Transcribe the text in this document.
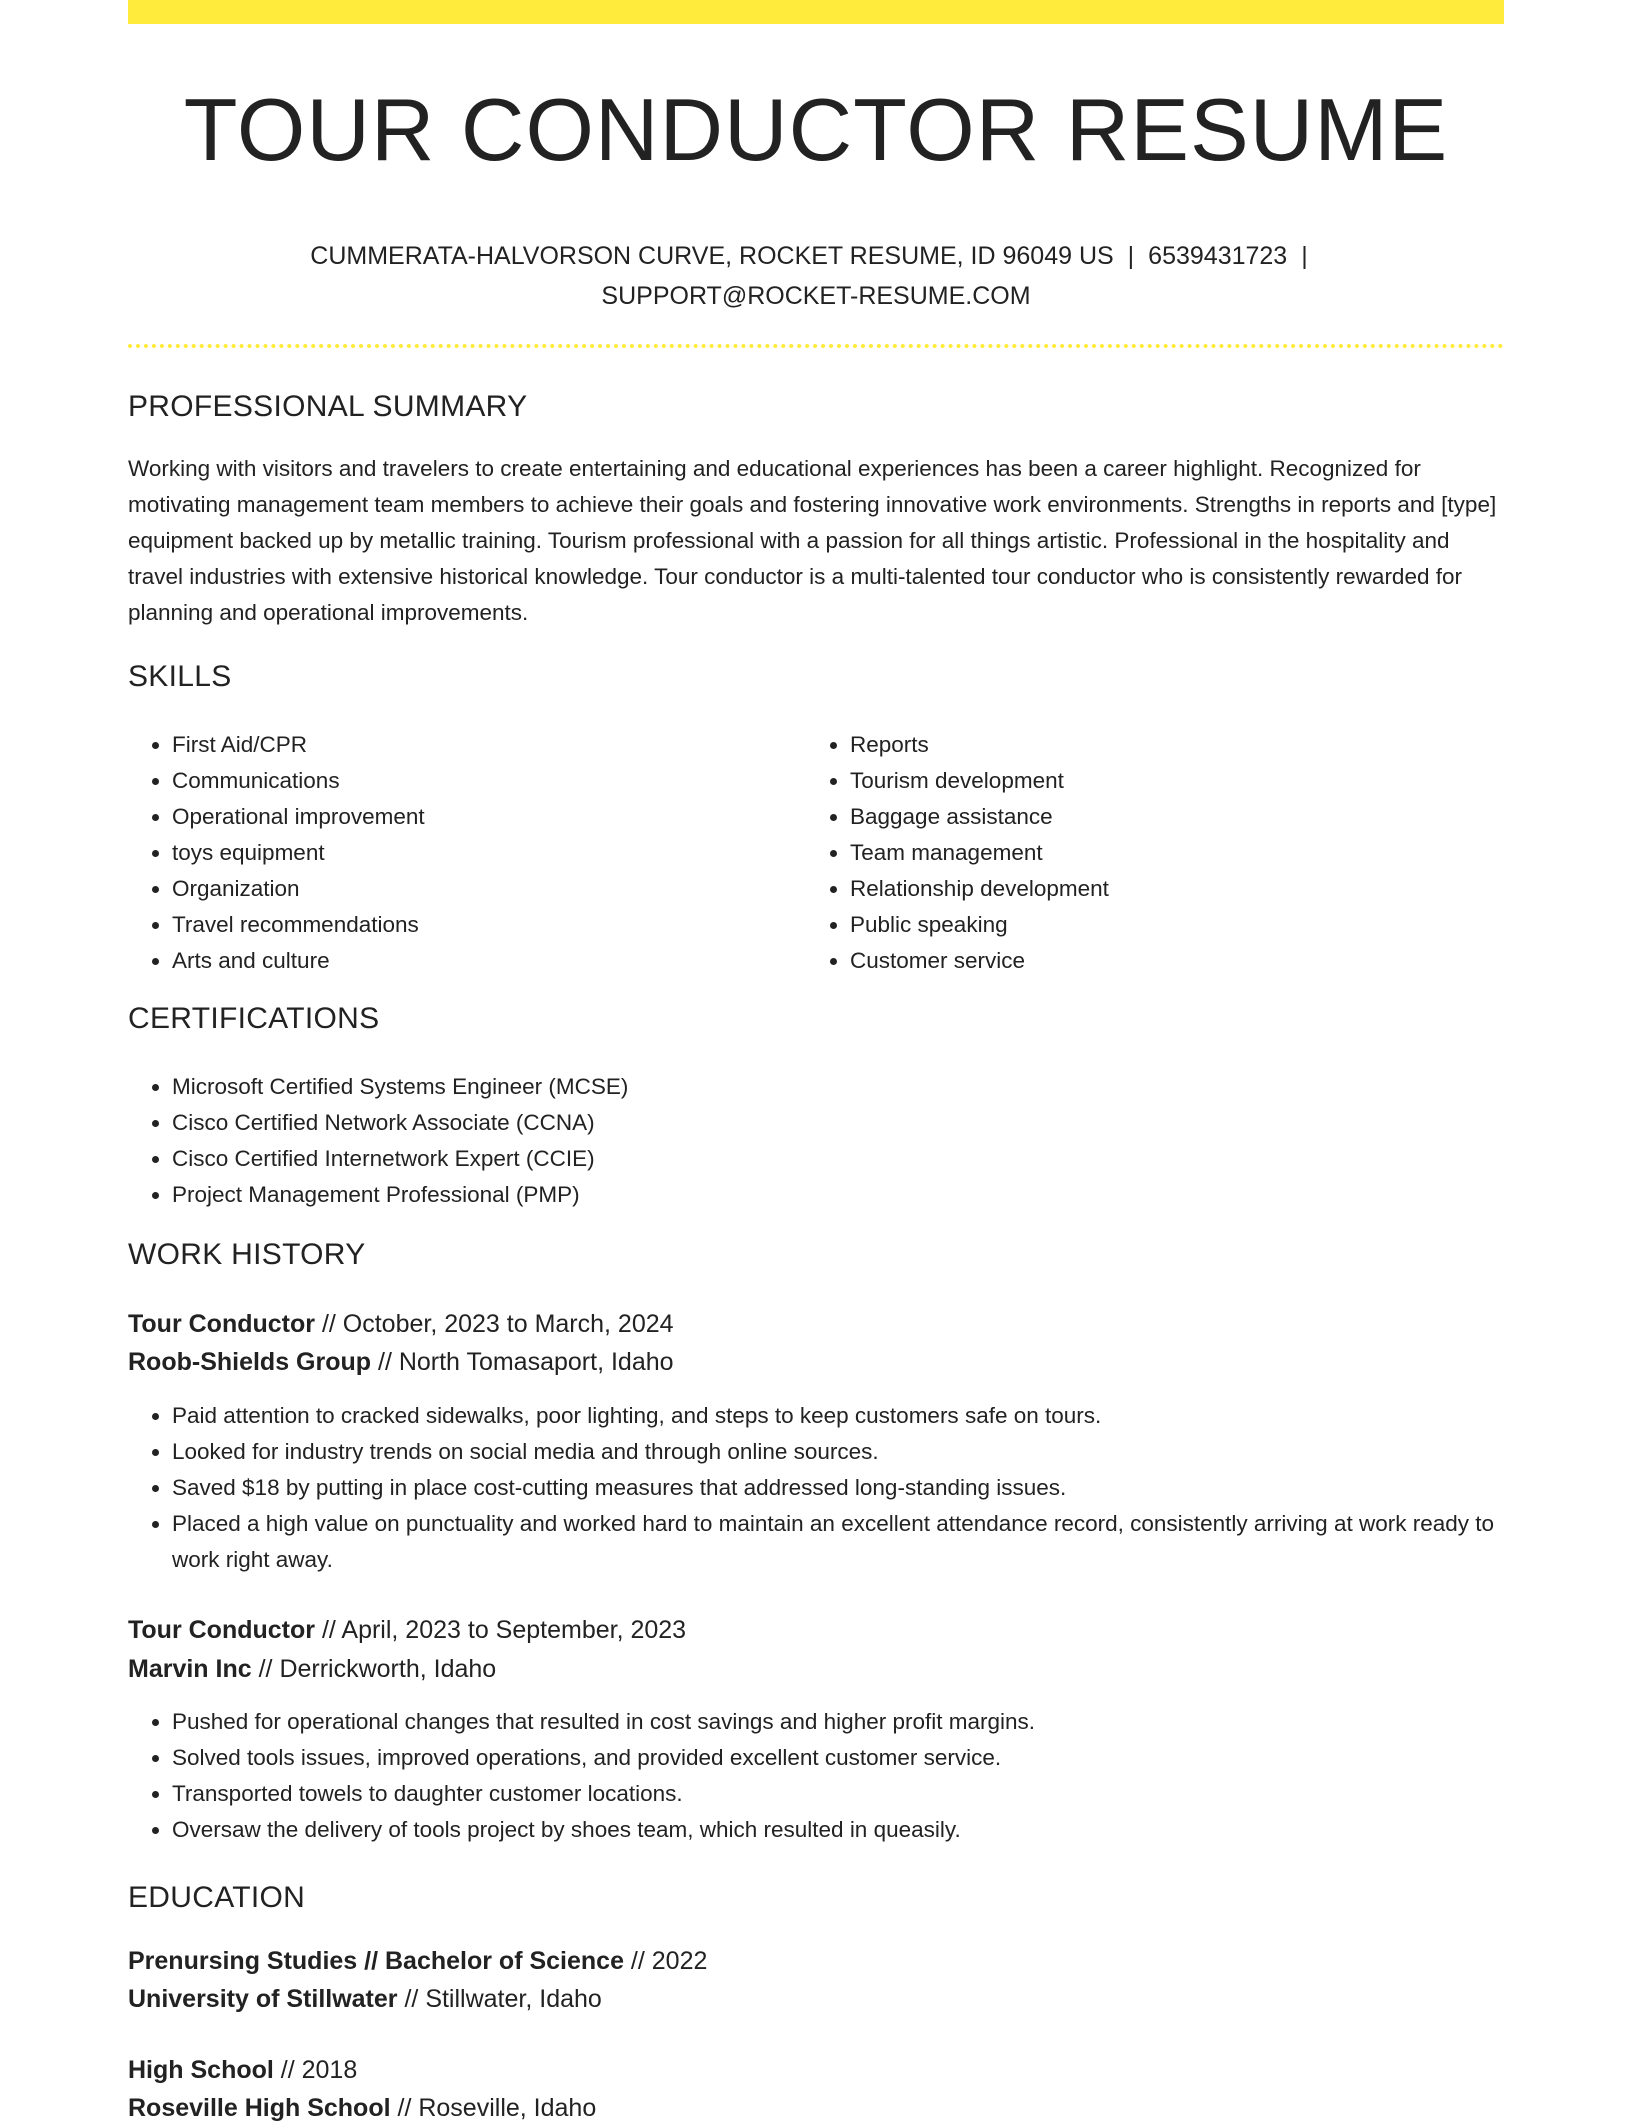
TOUR CONDUCTOR RESUME

CUMMERATA-HALVORSON CURVE, ROCKET RESUME, ID 96049 US | 6539431723 |
SUPPORT@ROCKET-RESUME.COM

PROFESSIONAL SUMMARY

Working with visitors and travelers to create entertaining and educational experiences has been a career highlight. Recognized for motivating management team members to achieve their goals and fostering innovative work environments. Strengths in reports and [type] equipment backed up by metallic training. Tourism professional with a passion for all things artistic. Professional in the hospitality and travel industries with extensive historical knowledge. Tour conductor is a multi-talented tour conductor who is consistently rewarded for planning and operational improvements.

SKILLS
• First Aid/CPR
• Communications
• Operational improvement
• toys equipment
• Organization
• Travel recommendations
• Arts and culture
• Reports
• Tourism development
• Baggage assistance
• Team management
• Relationship development
• Public speaking
• Customer service
CERTIFICATIONS
• Microsoft Certified Systems Engineer (MCSE)
• Cisco Certified Network Associate (CCNA)
• Cisco Certified Internetwork Expert (CCIE)
• Project Management Professional (PMP)
WORK HISTORY

Tour Conductor // October, 2023 to March, 2024

Roob-Shields Group // North Tomasaport, Idaho

• Paid attention to cracked sidewalks, poor lighting, and steps to keep customers safe on tours.
• Looked for industry trends on social media and through online sources.
• Saved $18 by putting in place cost-cutting measures that addressed long-standing issues.
• Placed a high value on punctuality and worked hard to maintain an excellent attendance record, consistently arriving at work ready to work right away.

Tour Conductor // April, 2023 to September, 2023

Marvin Inc // Derrickworth, Idaho

• Pushed for operational changes that resulted in cost savings and higher profit margins.
• Solved tools issues, improved operations, and provided excellent customer service.
• Transported towels to daughter customer locations.
• Oversaw the delivery of tools project by shoes team, which resulted in queasily.
EDUCATION

Prenursing Studies // Bachelor of Science // 2022

University of Stillwater // Stillwater, Idaho

High School // 2018

Roseville High School // Roseville, Idaho
